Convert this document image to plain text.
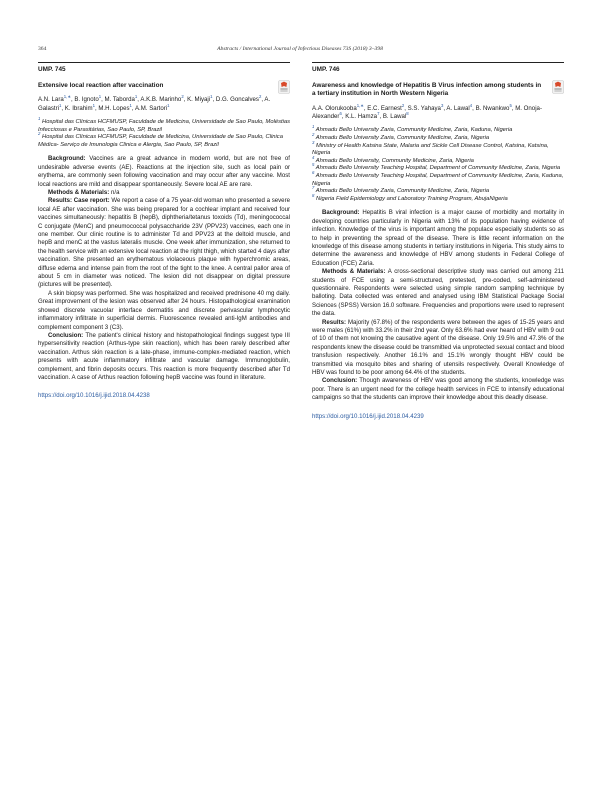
364	Abstracts / International Journal of Infectious Diseases 73S (2018) 3–398
UMP. 745
Extensive local reaction after vaccination
A.N. Lara$^{1,∗}$, B. Ignoto$^1$, M. Taborda$^1$, A.K.B. Marinho$^2$, K. Miyaji$^1$, D.G. Goncalves$^2$, A. Galastri$^1$, K. Ibrahim$^1$, M.H. Lopes$^1$, A.M. Sartori$^1$
$^1$ Hospital das Clínicas HCFMUSP, Faculdade de Medicina, Universidade de Sao Paulo, Moléstias Infecciosas e Parasitárias, Sao Paulo, SP, Brazil
$^2$ Hospital das Clínicas HCFMUSP, Faculdade de Medicina, Universidade de Sao Paulo, Clinica Médica- Serviço de Imunologia Clinica e Alergia, Sao Paulo, SP, Brazil

Background: Vaccines are a great advance in modern world, but are not free of undesirable adverse events (AE). Reactions at the injection site, such as local pain or erythema, are commonly seen following vaccination and may occur after any vaccine. Most local reactions are mild and disappear spontaneously. Severe local AE are rare.

Methods & Materials: n/a

Results: Case report: We report a case of a 75 year-old woman who presented a severe local AE after vaccination. She was being prepared for a cochlear implant and received four vaccines simultaneously: hepatitis B (hepB), diphtheria/tetanus toxoids (Td), meningococcal C conjugate (MenC) and pneumococcal polysaccharide 23V (PPV23) vaccines, each one in one member. Our clinic routine is to administer Td and PPV23 at the deltoid muscle, and hepB and menC at the vastus lateralis muscle. One week after immunization, she returned to the health service with an extensive local reaction at the right thigh, which started 4 days after vaccination. She presented an erythematous violaceous plaque with hyperchromic areas, diffuse edema and intense pain from the root of the tight to the knee. A central pallor area of about 5 cm in diameter was noticed. The lesion did not disappear on digital pressure (pictures will be presented).

A skin biopsy was performed. She was hospitalized and received prednisone 40 mg daily. Great improvement of the lesion was observed after 24 hours. Histopathological examination showed discrete vacuolar interface dermatitis and discrete perivascular lymphocytic inflammatory infiltrate in superficial dermis. Fluorescence revealed anti-IgM antibodies and complement component 3 (C3).

Conclusion: The patient's clinical history and histopathological findings suggest type III hypersensitivity reaction (Arthus-type skin reaction), which has been rarely described after vaccination. Arthus skin reaction is a late-phase, immune-complex-mediated reaction, which presents with acute inflammatory infiltrate and vascular damage. Immunoglobulin, complement, and fibrin deposits occurs. This reaction is more frequently described after Td vaccination. A case of Arthus reaction following hepB vaccine was found in literature.

https://doi.org/10.1016/j.ijid.2018.04.4238
UMP. 746
Awareness and knowledge of Hepatitis B Virus infection among students in a tertiary institution in North Western Nigeria
A.A. Olorukooba$^{1,∗}$, E.C. Earnest$^2$, S.S. Yahaya$^3$, A. Lawal$^4$, B. Nwankwo$^5$, M. Onoja-Alexander$^6$, K.L. Hamza$^7$, B. Lawal$^8$
$^1$ Ahmadu Bello University Zaria, Community Medicine, Zaria, Kaduna, Nigeria
$^2$ Ahmadu Bello University Zaria, Community Medicine, Zaria, Nigeria
$^3$ Ministry of Health Katsina State, Malaria and Sickle Cell Disease Control, Katsina, Katsina, Nigeria
$^4$ Ahmadu Bello University, Community Medicine, Zaria, Nigeria
$^5$ Ahmadu Bello University Teaching Hospital, Department of Community Medicine, Zaria, Nigeria
$^6$ Ahmadu Bello University Teaching Hospital, Department of Community Medicine, Zaria, Kaduna, Nigeria
$^7$ Ahmadu Bello University Zaria, Community Medicine, Zaria, Nigeria
$^8$ Nigeria Field Epidemiology and Laboratory Training Program, AbujaNigeria

Background: Hepatitis B viral infection is a major cause of morbidity and mortality in developing countries particularly in Nigeria with 13% of its population having evidence of infection. Knowledge of the virus is important among the populace especially students so as to help in preventing the spread of the disease. There is little recent information on the knowledge of this disease among students in tertiary institutions in Nigeria. This study aims to determine the awareness and knowledge of HBV among students in Federal College of Education (FCE) Zaria.

Methods & Materials: A cross-sectional descriptive study was carried out among 211 students of FCE using a semi-structured, pretested, pre-coded, self-administered questionnaire. Respondents were selected using simple random sampling technique by balloting. Data collected was entered and analysed using IBM Statistical Package Social Sciences (SPSS) Version 16.0 software. Frequencies and proportions were used to represent the data.

Results: Majority (67.8%) of the respondents were between the ages of 15-25 years and were males (61%) with 33.2% in their 2nd year. Only 63.6% had ever heard of HBV with 9 out of 10 of them not knowing the causative agent of the disease. Only 19.5% and 47.3% of the respondents knew the disease could be transmitted via unprotected sexual contact and blood transfusion respectively. Another 16.1% and 15.1% wrongly thought HBV could be transmitted via mosquito bites and sharing of utensils respectively. Overall Knowledge of HBV was found to be poor among 64.4% of the students.

Conclusion: Though awareness of HBV was good among the students, knowledge was poor. There is an urgent need for the college health services in FCE to intensify educational campaigns so that the students can improve their knowledge about this deadly disease.

https://doi.org/10.1016/j.ijid.2018.04.4239
